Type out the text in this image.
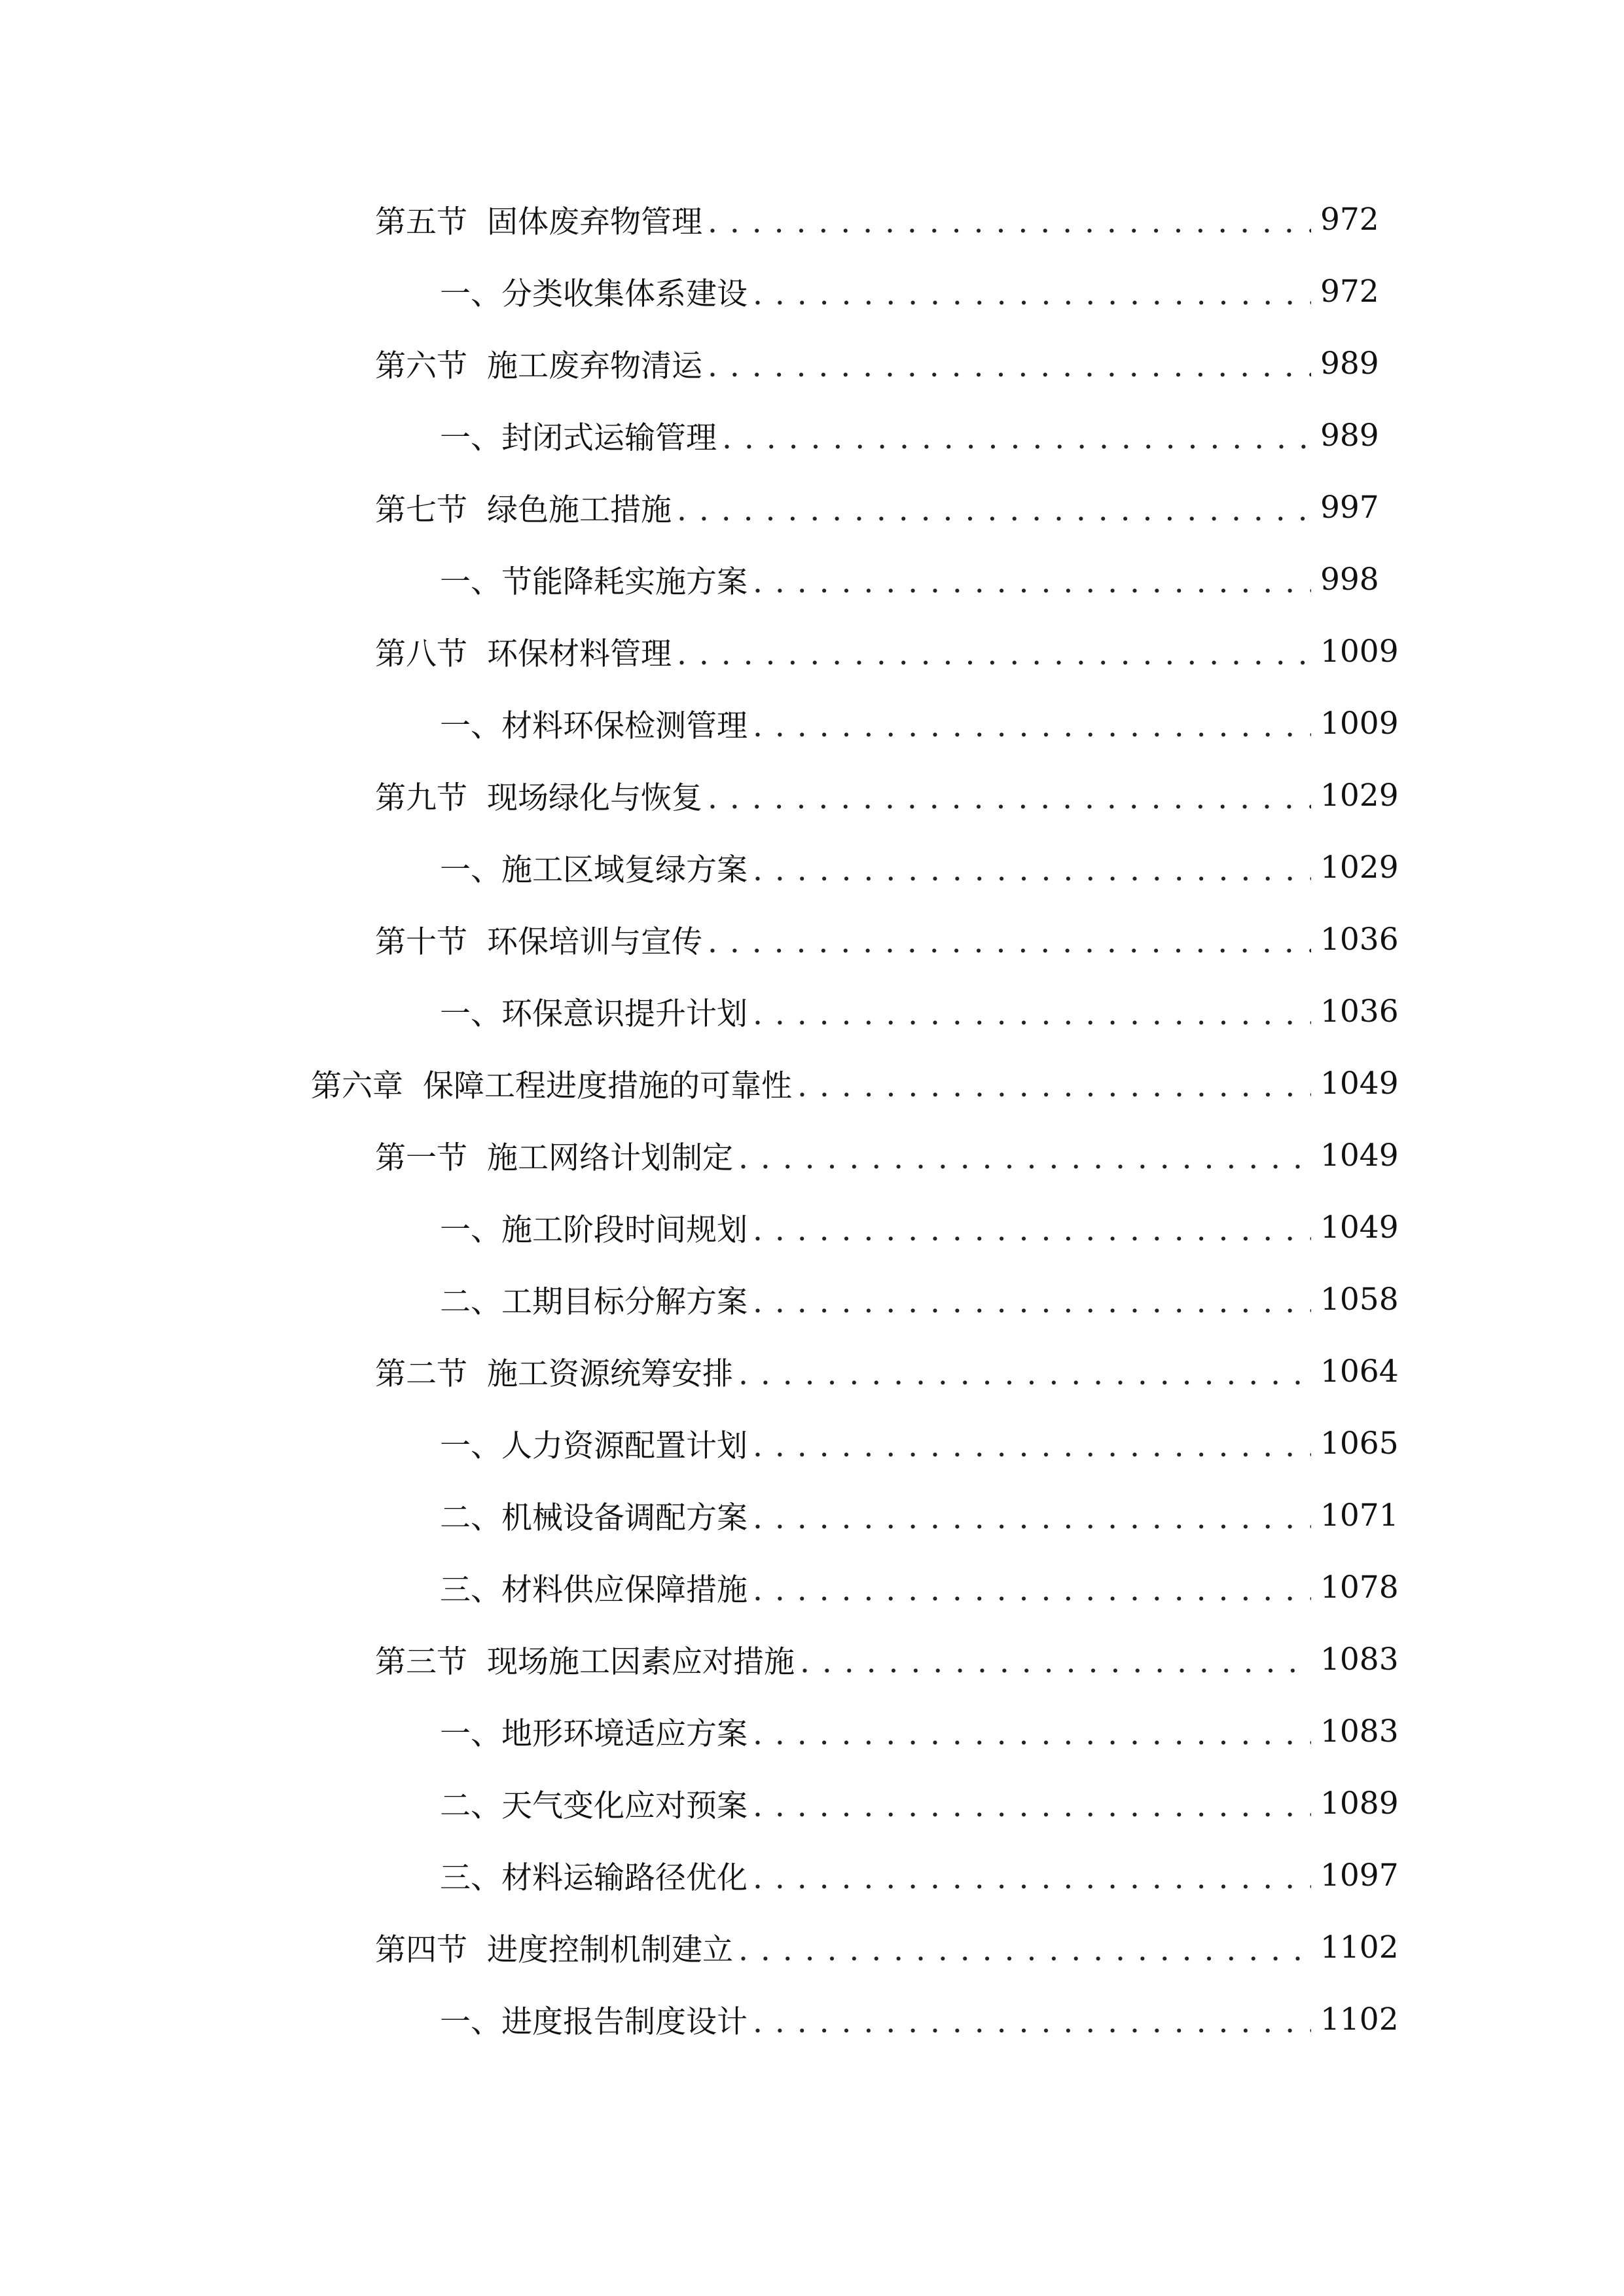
第五节 固体废弃物管理 . . .	972
一、 分类收集体系建设 . . .	972
第六节 施工废弃物清运 . . .	989
一、 封闭式运输管理 . . .	989
第七节 绿色施工措施 . . .	997
一、 节能降耗实施方案 . . .	998
第八节 环保材料管理 . . .	1009
一、 材料环保检测管理 . . .	1009
第九节 现场绿化与恢复 . . .	1029
一、 施工区域复绿方案 . . .	1029
第十节 环保培训与宣传 . . .	1036
一、 环保意识提升计划 . . .	1036
第六章 保障工程进度措施的可靠性 . . .	1049
第一节 施工网络计划制定 . . .	1049
一、 施工阶段时间规划 . . .	1049
二、 工期目标分解方案 . . .	1058
第二节 施工资源统筹安排 . . .	1064
一、 人力资源配置计划 . . .	1065
二、 机械设备调配方案 . . .	1071
三、 材料供应保障措施 . . .	1078
第三节 现场施工因素应对措施 . . .	1083
一、 地形环境适应方案 . . .	1083
二、 天气变化应对预案 . . .	1089
三、 材料运输路径优化 . . .	1097
第四节 进度控制机制建立 . . .	1102
一、 进度报告制度设计 . . .	1102
